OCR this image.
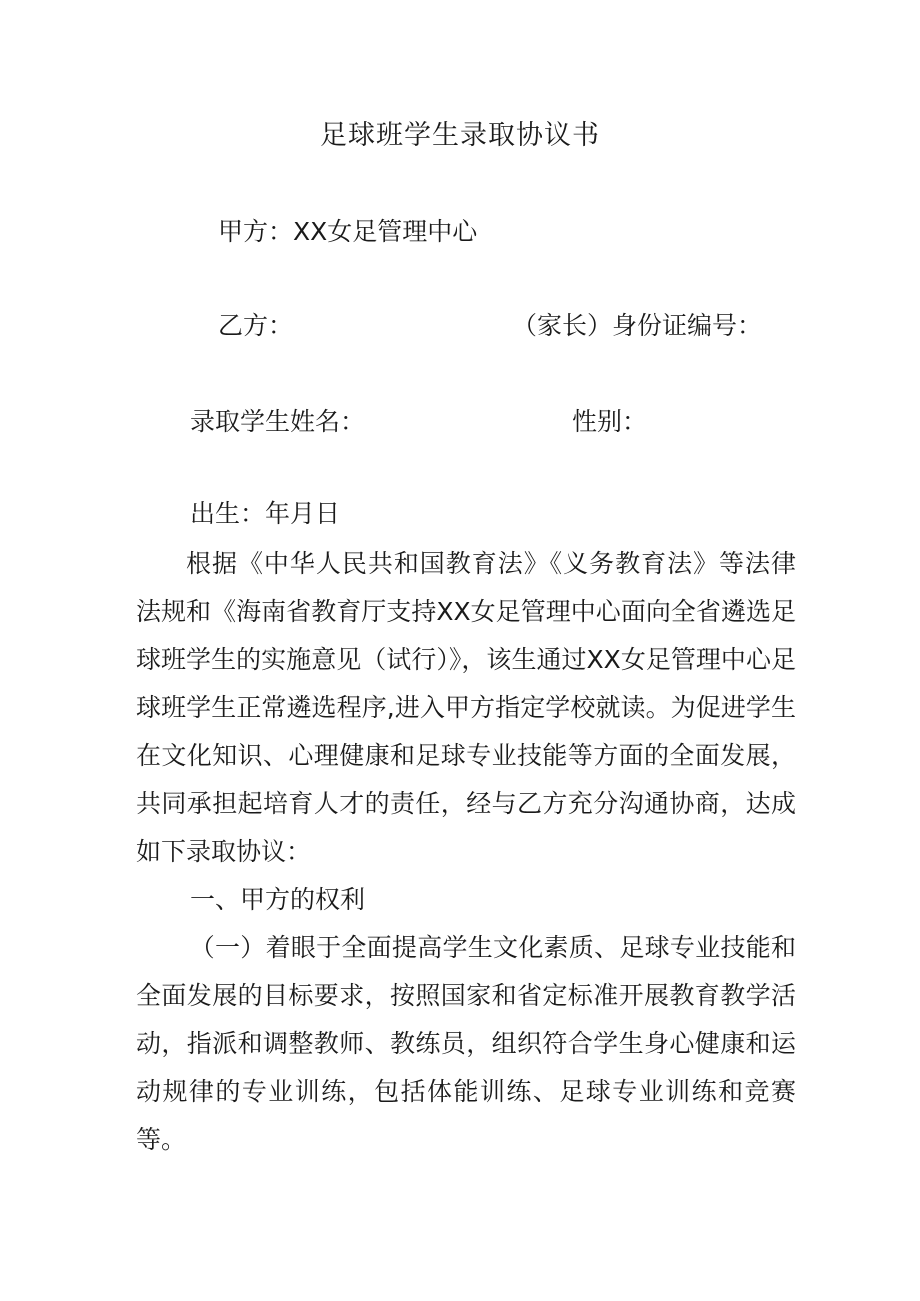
足球班学生录取协议书
甲方：XX女足管理中心
乙方：	（家长）身份证编号：
录取学生姓名：	性别：
出生：年月日
根据《中华人民共和国教育法》《义务教育法》等法律法规和《海南省教育厅支持XX女足管理中心面向全省遴选足球班学生的实施意见（试行）》，该生通过XX女足管理中心足球班学生正常遴选程序,进入甲方指定学校就读。为促进学生在文化知识、心理健康和足球专业技能等方面的全面发展，共同承担起培育人才的责任，经与乙方充分沟通协商，达成如下录取协议：
一、甲方的权利
（一）着眼于全面提高学生文化素质、足球专业技能和全面发展的目标要求，按照国家和省定标准开展教育教学活动，指派和调整教师、教练员，组织符合学生身心健康和运动规律的专业训练，包括体能训练、足球专业训练和竞赛等。
